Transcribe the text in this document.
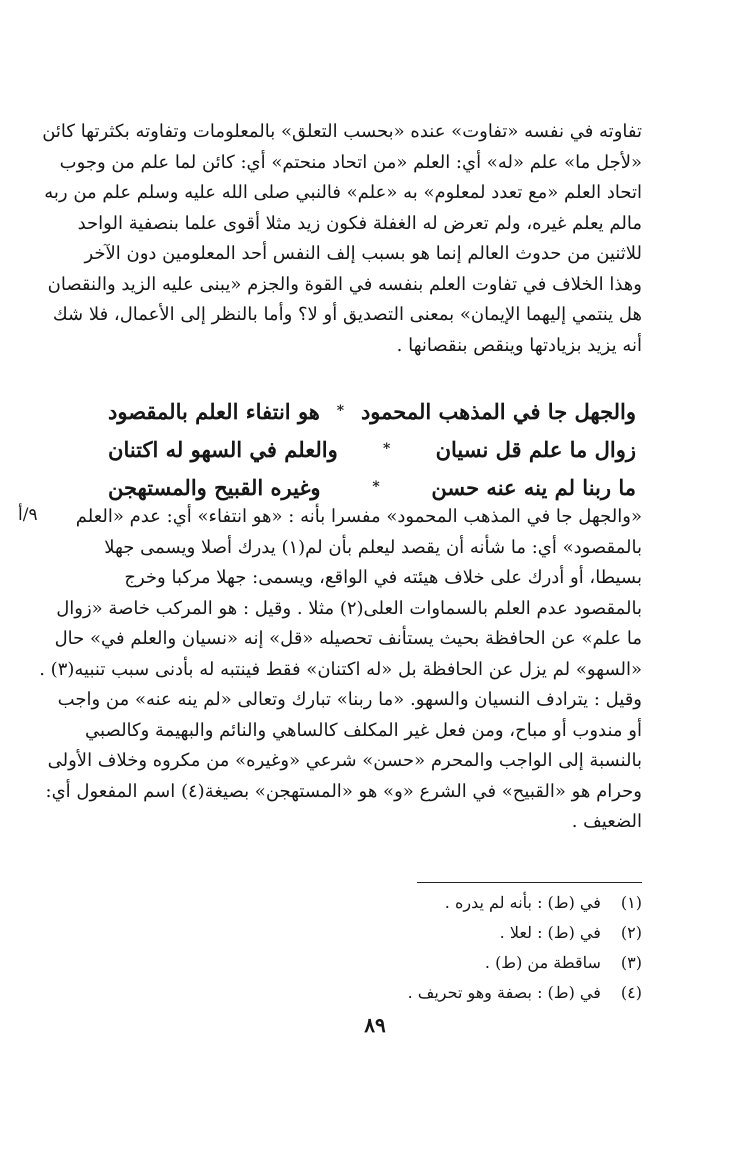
تفاوته في نفسه «تفاوت» عنده «بحسب التعلق» بالمعلومات وتفاوته بكثرتها كائن
«لأجل ما» علم «له» أي: العلم «من اتحاد منحتم» أي: كائن لما علم من وجوب
اتحاد العلم «مع تعدد لمعلوم» به «علم» فالنبي صلى الله عليه وسلم علم من ربه
مالم يعلم غيره، ولم تعرض له الغفلة فكون زيد مثلا أقوى علما بنصفية الواحد
للاثنين من حدوث العالم إنما هو بسبب إلف النفس أحد المعلومين دون الآخر
وهذا الخلاف في تفاوت العلم بنفسه في القوة والجزم «يبنى عليه الزيد والنقصان
هل ينتمي إليهما الإيمان» بمعنى التصديق أو لا؟ وأما بالنظر إلى الأعمال، فلا شك
أنه يزيد بزيادتها وينقص بنقصانها .
والجهل جا في المذهب المحمود
*
هو انتفاء العلم بالمقصود
زوال ما علم قل نسيان
*
والعلم في السهو له اكتنان
ما ربنا لم ينه عنه حسن
*
وغيره القبيح والمستهجن
٩/أ	«والجهل جا في المذهب المحمود» مفسرا بأنه : «هو انتفاء» أي: عدم «العلم
بالمقصود» أي: ما شأنه أن يقصد ليعلم بأن لم(١) يدرك أصلا ويسمى جهلا
بسيطا، أو أدرك على خلاف هيئته في الواقع، ويسمى: جهلا مركبا وخرج
بالمقصود عدم العلم بالسماوات العلى(٢) مثلا . وقيل : هو المركب خاصة «زوال
ما علم» عن الحافظة بحيث يستأنف تحصيله «قل» إنه «نسيان والعلم في» حال
«السهو» لم يزل عن الحافظة بل «له اكتنان» فقط فينتبه له بأدنى سبب تنبيه(٣) .
وقيل : يترادف النسيان والسهو. «ما ربنا» تبارك وتعالى «لم ينه عنه» من واجب
أو مندوب أو مباح، ومن فعل غير المكلف كالساهي والنائم والبهيمة وكالصبي
بالنسبة إلى الواجب والمحرم «حسن» شرعي «وغيره» من مكروه وخلاف الأولى
وحرام هو «القبيح» في الشرع «و» هو «المستهجن» بصيغة(٤) اسم المفعول أي:
الضعيف .
(١) في (ط) : بأنه لم يدره .
(٢) في (ط) : لعلا .
(٣) ساقطة من (ط) .
(٤) في (ط) : بصفة وهو تحريف .
٨٩
